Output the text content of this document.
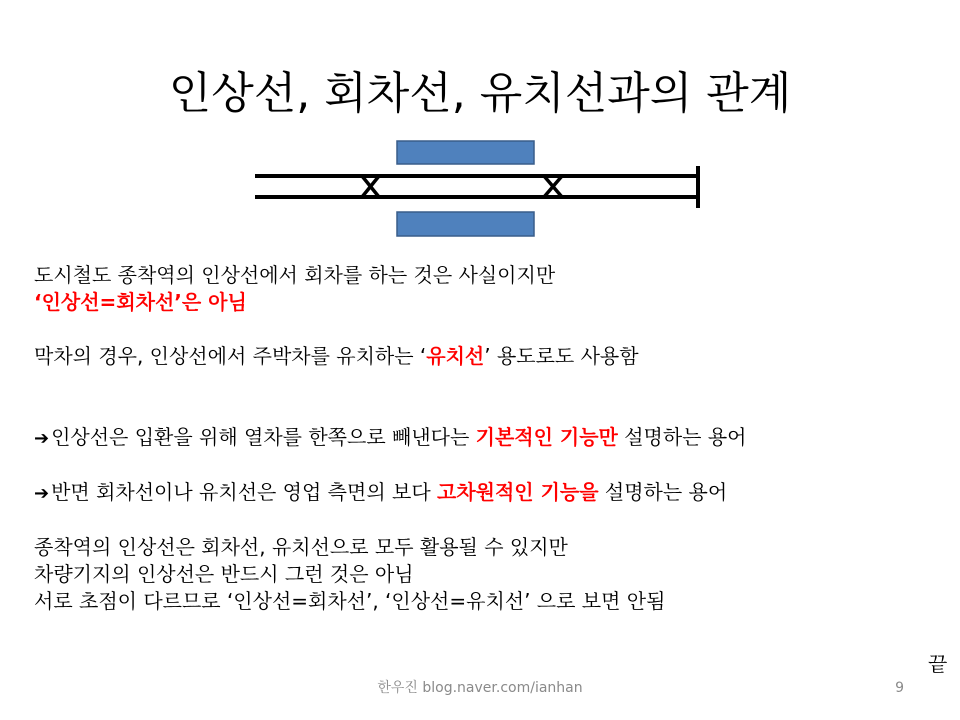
인상선, 회차선, 유치선과의 관계
도시철도 종착역의 인상선에서 회차를 하는 것은 사실이지만
‘인상선=회차선’은 아님
막차의 경우, 인상선에서 주박차를 유치하는 ‘유치선’ 용도로도 사용함
➔ 인상선은 입환을 위해 열차를 한쪽으로 빼낸다는 기본적인 기능만 설명하는 용어
➔ 반면 회차선이나 유치선은 영업 측면의 보다 고차원적인 기능을 설명하는 용어
종착역의 인상선은 회차선, 유치선으로 모두 활용될 수 있지만
차량기지의 인상선은 반드시 그런 것은 아님
서로 초점이 다르므로 ‘인상선=회차선’, ‘인상선=유치선’ 으로 보면 안됨
끝
한우진 blog.naver.com/ianhan	9
